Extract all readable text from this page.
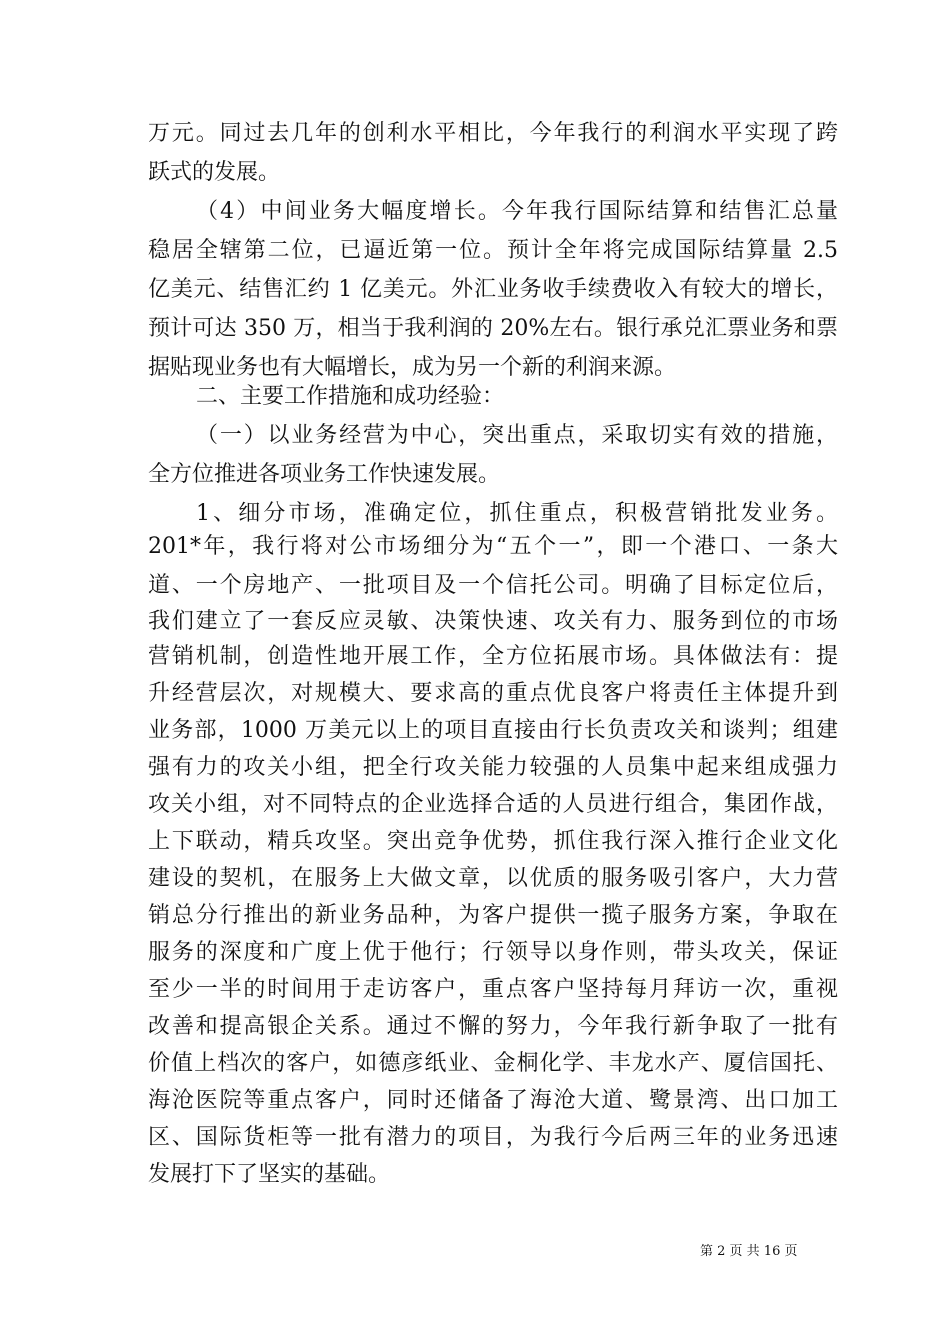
万元。同过去几年的创利水平相比，今年我行的利润水平实现了跨
跃式的发展。
（4）中间业务大幅度增长。今年我行国际结算和结售汇总量
稳居全辖第二位，已逼近第一位。预计全年将完成国际结算量 2.5
亿美元、结售汇约 1 亿美元。外汇业务收手续费收入有较大的增长，
预计可达 350 万，相当于我利润的 20%左右。银行承兑汇票业务和票
据贴现业务也有大幅增长，成为另一个新的利润来源。
二、主要工作措施和成功经验：
（一）以业务经营为中心，突出重点，采取切实有效的措施，
全方位推进各项业务工作快速发展。
1、细分市场，准确定位，抓住重点，积极营销批发业务。
201*年，我行将对公市场细分为“五个一”，即一个港口、一条大
道、一个房地产、一批项目及一个信托公司。明确了目标定位后，
我们建立了一套反应灵敏、决策快速、攻关有力、服务到位的市场
营销机制，创造性地开展工作，全方位拓展市场。具体做法有：提
升经营层次，对规模大、要求高的重点优良客户将责任主体提升到
业务部，1000 万美元以上的项目直接由行长负责攻关和谈判；组建
强有力的攻关小组，把全行攻关能力较强的人员集中起来组成强力
攻关小组，对不同特点的企业选择合适的人员进行组合，集团作战，
上下联动，精兵攻坚。突出竞争优势，抓住我行深入推行企业文化
建设的契机，在服务上大做文章，以优质的服务吸引客户，大力营
销总分行推出的新业务品种，为客户提供一揽子服务方案，争取在
服务的深度和广度上优于他行；行领导以身作则，带头攻关，保证
至少一半的时间用于走访客户，重点客户坚持每月拜访一次，重视
改善和提高银企关系。通过不懈的努力，今年我行新争取了一批有
价值上档次的客户，如德彦纸业、金桐化学、丰龙水产、厦信国托、
海沧医院等重点客户，同时还储备了海沧大道、鹭景湾、出口加工
区、国际货柜等一批有潜力的项目，为我行今后两三年的业务迅速
发展打下了坚实的基础。
第 2 页 共 16 页
